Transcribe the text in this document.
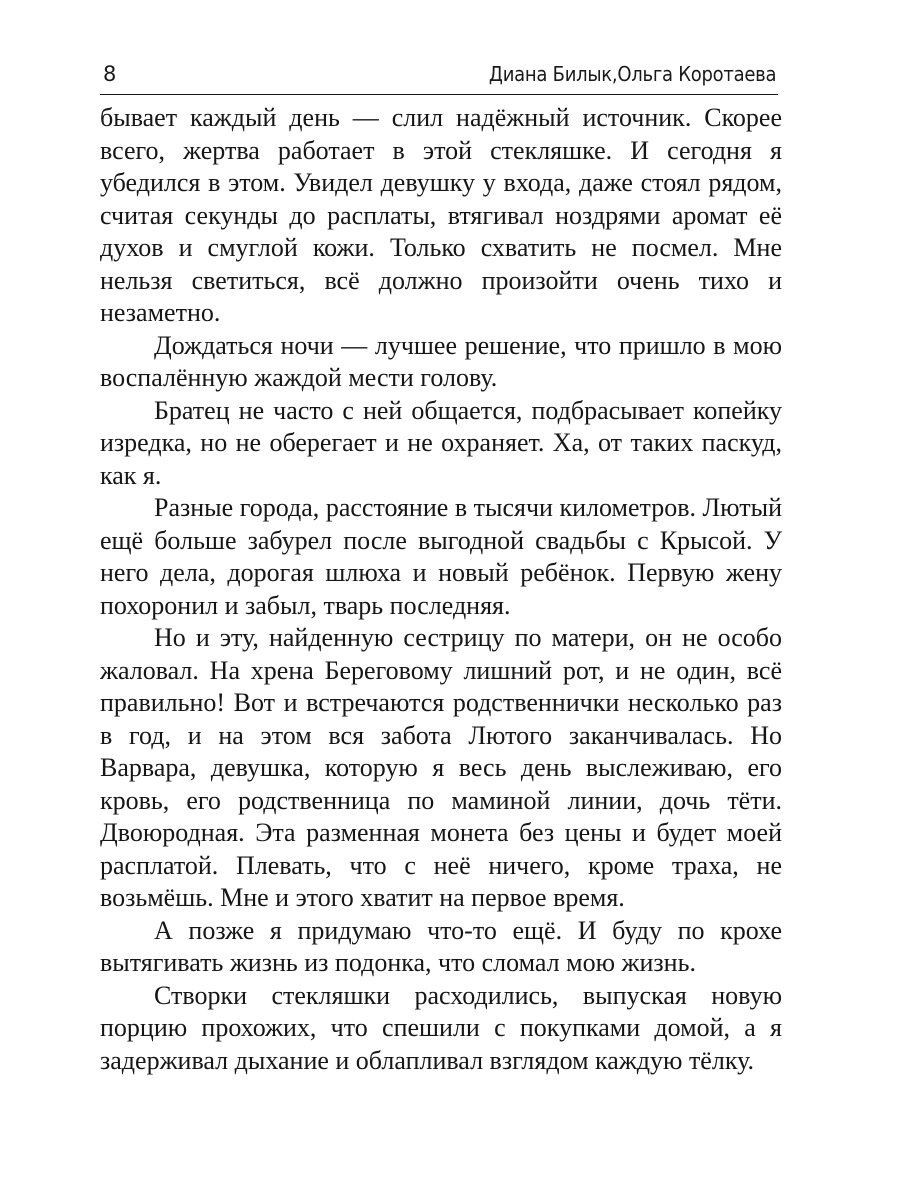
8	Диана Билык,Ольга Коротаева

бывает каждый день — слил надёжный источник. Скорее всего, жертва работает в этой стекляшке. И сегодня я убедился в этом. Увидел девушку у входа, даже стоял рядом, считая секунды до расплаты, втягивал ноздрями аромат её духов и смуглой кожи. Только схватить не посмел. Мне нельзя светиться, всё должно произойти очень тихо и незаметно.

Дождаться ночи — лучшее решение, что пришло в мою воспалённую жаждой мести голову.

Братец не часто с ней общается, подбрасывает копейку изредка, но не оберегает и не охраняет. Ха, от таких паскуд, как я.

Разные города, расстояние в тысячи километров. Лютый ещё больше забурел после выгодной свадьбы с Крысой. У него дела, дорогая шлюха и новый ребёнок. Первую жену похоронил и забыл, тварь последняя.

Но и эту, найденную сестрицу по матери, он не особо жаловал. На хрена Береговому лишний рот, и не один, всё правильно! Вот и встречаются родственнички несколько раз в год, и на этом вся забота Лютого заканчивалась. Но Варвара, девушка, которую я весь день выслеживаю, его кровь, его родственница по маминой линии, дочь тёти. Двоюродная. Эта разменная монета без цены и будет моей расплатой. Плевать, что с неё ничего, кроме траха, не возьмёшь. Мне и этого хватит на первое время.

А позже я придумаю что-то ещё. И буду по крохе вытягивать жизнь из подонка, что сломал мою жизнь.

Створки стекляшки расходились, выпуская новую порцию прохожих, что спешили с покупками домой, а я задерживал дыхание и облапливал взглядом каждую тёлку.
